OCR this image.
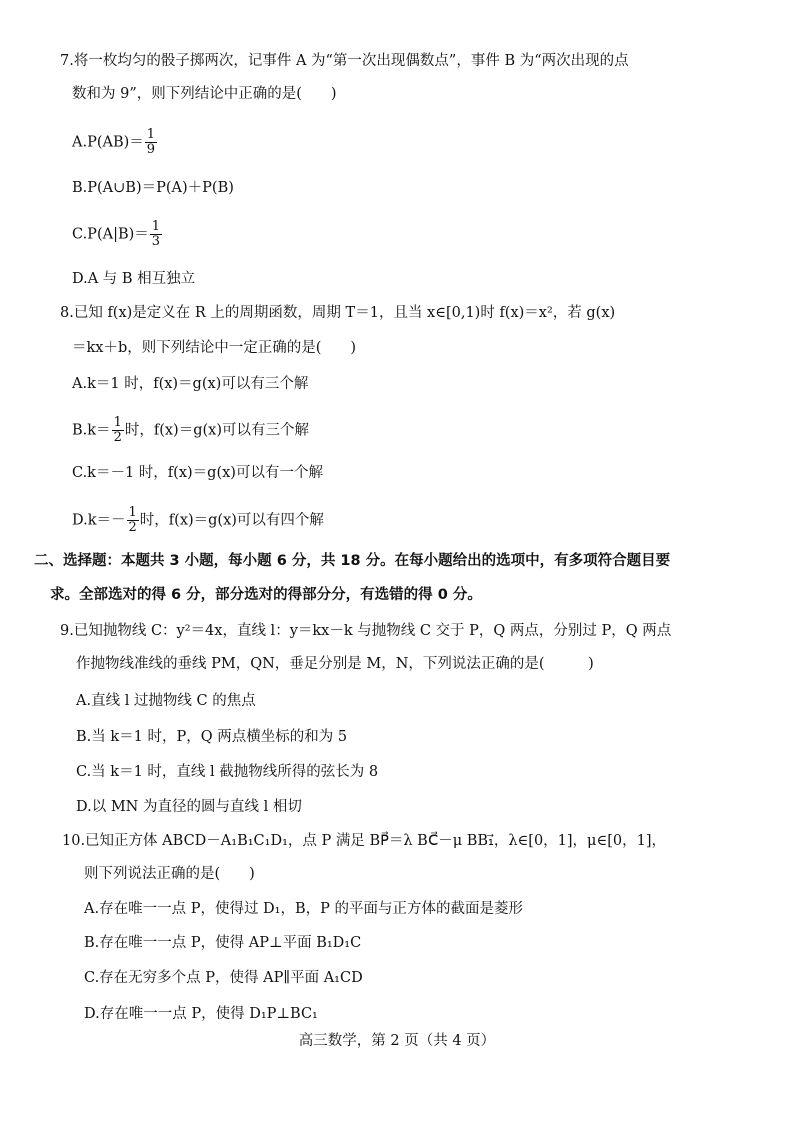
7.将一枚均匀的骰子掷两次，记事件 A 为“第一次出现偶数点”，事件 B 为“两次出现的点
数和为 9”，则下列结论中正确的是(　　)
$A.P(AB)= \frac{1}{9}$
B.P(A∪B)＝P(A)＋P(B)
$C.P(A|B)= \frac{1}{3}$
D.A 与 B 相互独立
8.已知 f(x)是定义在 R 上的周期函数，周期 T＝1，且当 x∈[0,1)时 f(x)＝x²，若 g(x)
＝kx＋b，则下列结论中一定正确的是(　　)
A.k＝1 时，f(x)＝g(x)可以有三个解
$B.k= \frac{1}{2}$ 时，f(x)＝g(x)可以有三个解
C.k＝－1 时，f(x)＝g(x)可以有一个解
$D.k=- \frac{1}{2}$ 时，f(x)＝g(x)可以有四个解
二、选择题：本题共 3 小题，每小题 6 分，共 18 分。在每小题给出的选项中，有多项符合题目要
求。全部选对的得 6 分，部分选对的得部分分，有选错的得 0 分。
9.已知抛物线 C：y²＝4x，直线 l：y＝kx－k 与抛物线 C 交于 P，Q 两点，分别过 P，Q 两点
作抛物线准线的垂线 PM，QN，垂足分别是 M，N，下列说法正确的是(　　　)
A.直线 l 过抛物线 C 的焦点
B.当 k＝1 时，P，Q 两点横坐标的和为 5
C.当 k＝1 时，直线 l 截抛物线所得的弦长为 8
D.以 MN 为直径的圆与直线 l 相切
10.已知正方体 ABCD－A₁B₁C₁D₁，点 P 满足 BP⃗＝λ BC⃗－μ BB₁⃗，λ∈[0，1]，μ∈[0，1]，
则下列说法正确的是(　　)
A.存在唯一一点 P，使得过 D₁，B，P 的平面与正方体的截面是菱形
B.存在唯一一点 P，使得 AP⊥平面 B₁D₁C
C.存在无穷多个点 P，使得 AP∥平面 A₁CD
D.存在唯一一点 P，使得 D₁P⊥BC₁
高三数学，第 2 页（共 4 页）
